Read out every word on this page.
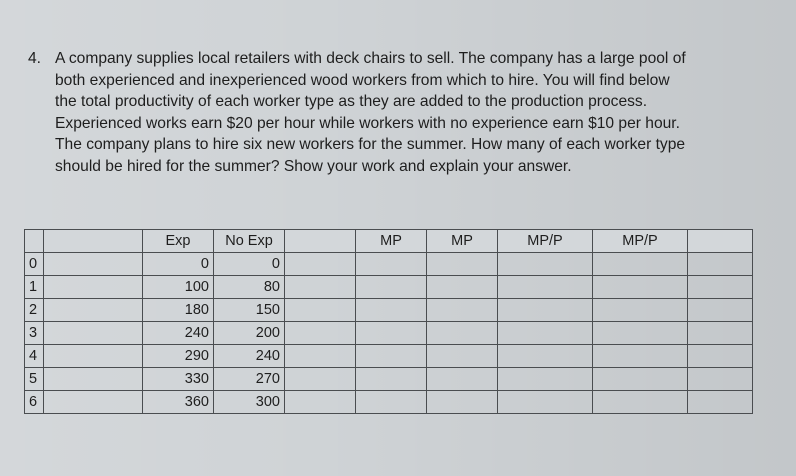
4. A company supplies local retailers with deck chairs to sell. The company has a large pool of
both experienced and inexperienced wood workers from which to hire. You will find below
the total productivity of each worker type as they are added to the production process.
Experienced works earn $20 per hour while workers with no experience earn $10 per hour.
The company plans to hire six new workers for the summer. How many of each worker type
should be hired for the summer? Show your work and explain your answer.
		Exp	No Exp		MP	MP	MP/P	MP/P	
0		0	0						
1		100	80						
2		180	150						
3		240	200						
4		290	240						
5		330	270						
6		360	300						
